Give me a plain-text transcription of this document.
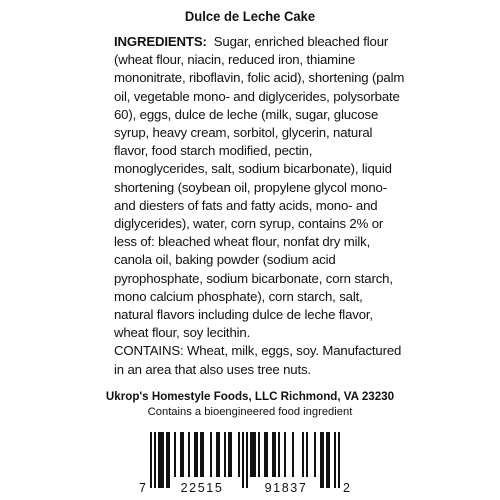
Dulce de Leche Cake
INGREDIENTS:  Sugar, enriched bleached flour
(wheat flour, niacin, reduced iron, thiamine
mononitrate, riboflavin, folic acid), shortening (palm
oil, vegetable mono- and diglycerides, polysorbate
60), eggs, dulce de leche (milk, sugar, glucose
syrup, heavy cream, sorbitol, glycerin, natural
flavor, food starch modified, pectin,
monoglycerides, salt, sodium bicarbonate), liquid
shortening (soybean oil, propylene glycol mono-
and diesters of fats and fatty acids, mono- and
diglycerides), water, corn syrup, contains 2% or
less of: bleached wheat flour, nonfat dry milk,
canola oil, baking powder (sodium acid
pyrophosphate, sodium bicarbonate, corn starch,
mono calcium phosphate), corn starch, salt,
natural flavors including dulce de leche flavor,
wheat flour, soy lecithin.
CONTAINS: Wheat, milk, eggs, soy. Manufactured
in an area that also uses tree nuts.
Ukrop's Homestyle Foods, LLC Richmond, VA 23230
Contains a bioengineered food ingredient
7	22515	91837	2
